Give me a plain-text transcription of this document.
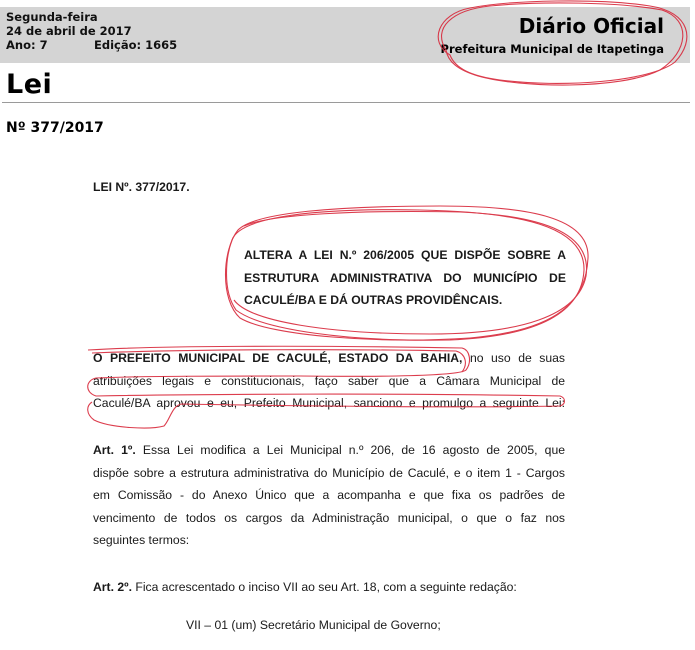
Segunda-feira
24 de abril de 2017
Ano: 7	Edição: 1665
Diário Oficial
Prefeitura Municipal de Itapetinga
Lei
Nº 377/2017
LEI Nº. 377/2017.
ALTERA A LEI N.º 206/2005 QUE DISPÕE SOBRE A
ESTRUTURA ADMINISTRATIVA DO MUNICÍPIO DE
CACULÉ/BA E DÁ OUTRAS PROVIDÊNCAIS.
O PREFEITO MUNICIPAL DE CACULÉ, ESTADO DA BAHIA, no uso de suas
atribuições legais e constitucionais, faço saber que a Câmara Municipal de
Caculé/BA aprovou e eu, Prefeito Municipal, sanciono e promulgo a seguinte Lei:
Art. 1º. Essa Lei modifica a Lei Municipal n.º 206, de 16 agosto de 2005, que
dispõe sobre a estrutura administrativa do Município de Caculé, e o item 1 - Cargos
em Comissão - do Anexo Único que a acompanha e que fixa os padrões de
vencimento de todos os cargos da Administração municipal, o que o faz nos
seguintes termos:
Art. 2º. Fica acrescentado o inciso VII ao seu Art. 18, com a seguinte redação:
VII – 01 (um) Secretário Municipal de Governo;
